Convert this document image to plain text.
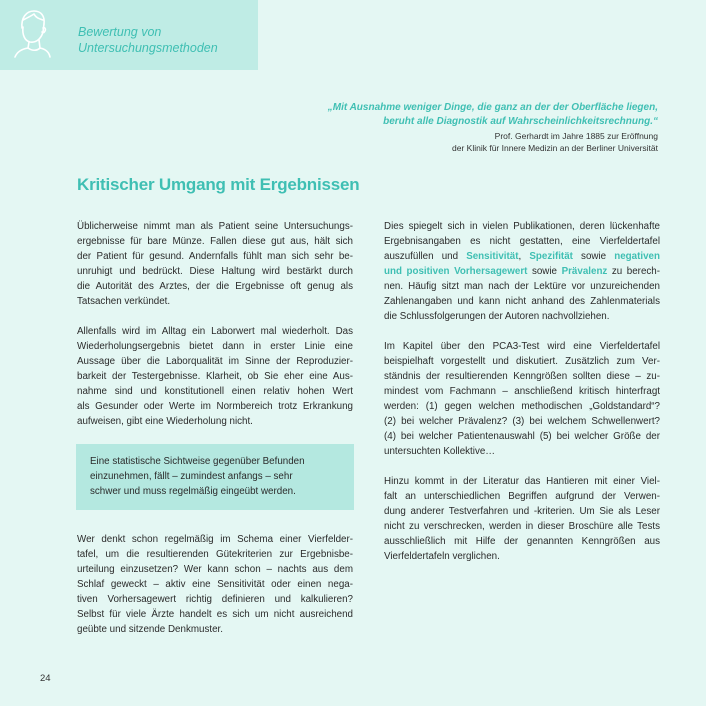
Bewertung von
Untersuchungsmethoden
„Mit Ausnahme weniger Dinge, die ganz an der der Oberfläche liegen,
beruht alle Diagnostik auf Wahrscheinlichkeitsrechnung.“
Prof. Gerhardt im Jahre 1885 zur Eröffnung
der Klinik für Innere Medizin an der Berliner Universität
Kritischer Umgang mit Ergebnissen

Üblicherweise nimmt man als Patient seine Untersuchungs-
ergebnisse für bare Münze. Fallen diese gut aus, hält sich
der Patient für gesund. Andernfalls fühlt man sich sehr be-
unruhigt und bedrückt. Diese Haltung wird bestärkt durch
die Autorität des Arztes, der die Ergebnisse oft genug als
Tatsachen verkündet.

Allenfalls wird im Alltag ein Laborwert mal wiederholt. Das
Wiederholungsergebnis bietet dann in erster Linie eine
Aussage über die Laborqualität im Sinne der Reproduzier-
barkeit der Testergebnisse. Klarheit, ob Sie eher eine Aus-
nahme sind und konstitutionell einen relativ hohen Wert
als Gesunder oder Werte im Normbereich trotz Erkrankung
aufweisen, gibt eine Wiederholung nicht.

Eine statistische Sichtweise gegenüber Befunden
einzunehmen, fällt – zumindest anfangs – sehr
schwer und muss regelmäßig eingeübt werden.

Wer denkt schon regelmäßig im Schema einer Vierfelder-
tafel, um die resultierenden Gütekriterien zur Ergebnisbe-
urteilung einzusetzen? Wer kann schon – nachts aus dem
Schlaf geweckt – aktiv eine Sensitivität oder einen nega-
tiven Vorhersagewert richtig definieren und kalkulieren?
Selbst für viele Ärzte handelt es sich um nicht ausreichend
geübte und sitzende Denkmuster.

Dies spiegelt sich in vielen Publikationen, deren lückenhafte
Ergebnisangaben es nicht gestatten, eine Vierfeldertafel
auszufüllen und Sensitivität, Spezifität sowie negativen
und positiven Vorhersagewert sowie Prävalenz zu berech-
nen. Häufig sitzt man nach der Lektüre vor unzureichenden
Zahlenangaben und kann nicht anhand des Zahlenmaterials
die Schlussfolgerungen der Autoren nachvollziehen.

Im Kapitel über den PCA3-Test wird eine Vierfeldertafel
beispielhaft vorgestellt und diskutiert. Zusätzlich zum Ver-
ständnis der resultierenden Kenngrößen sollten diese – zu-
mindest vom Fachmann – anschließend kritisch hinterfragt
werden: (1) gegen welchen methodischen „Goldstandard“?
(2) bei welcher Prävalenz? (3) bei welchem Schwellenwert?
(4) bei welcher Patientenauswahl (5) bei welcher Größe der
untersuchten Kollektive…

Hinzu kommt in der Literatur das Hantieren mit einer Viel-
falt an unterschiedlichen Begriffen aufgrund der Verwen-
dung anderer Testverfahren und -kriterien. Um Sie als Leser
nicht zu verschrecken, werden in dieser Broschüre alle Tests
ausschließlich mit Hilfe der genannten Kenngrößen aus
Vierfeldertafeln verglichen.

24
